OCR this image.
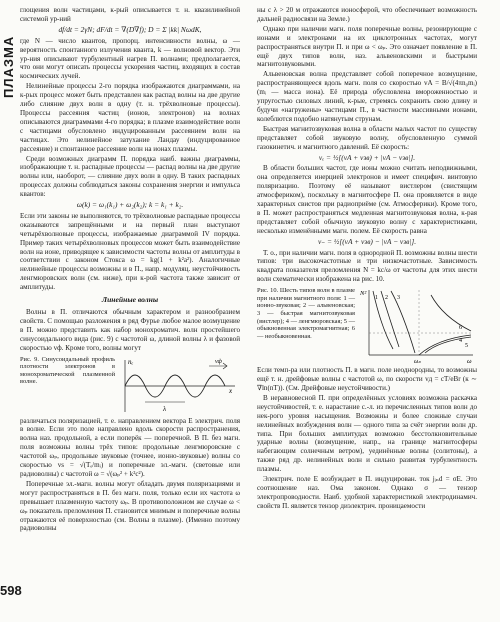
ПЛАЗМА
598

глощения волн частицами, к-рый описывается т. н. квазилинейной системой ур-ний

df/dt = 2γN; dF/dt = ∇(D∇f); D = Σ |kk| NωdK,

где N — число квантов, пропорц. интенсивности волны, ω — вероятность спонтанного излучения кванта, k — волновой вектор. Эти ур-ния описывают турбулентный нагрев П. волнами; предполагается, что они могут описать процессы ускорения частиц, входящих в состав космических лучей.

Нелинейные процессы 2-го порядка изображаются диаграммами, на к-рых процесс может быть представлен как распад волны на две другие либо слияние двух волн в одну (т. н. трёхволновые процессы). Процессы рассеяния частиц (ионов, электронов) на волнах описываются диаграммами 4-го порядка; в плазме взаимодействие волн с частицами обусловлено индуцированным рассеянием волн на частицах. Это нелинейное затухание Ландау (индуцированное рассеяние) и спонтанное рассеяние волн на ионах плазмы.

Среди возможных диаграмм П. порядка наиб. важны диаграммы, изображающие т. н. распадные процессы — распад волны на две другие волны или, наоборот, — слияние двух волн в одну. В таких распадных процессах должны соблюдаться законы сохранения энергии и импульса квантов:

ω(k) = ω₁(k₁) + ω₂(k₂); k = k₁ + k₂.

Если эти законы не выполняются, то трёхволновые распадные процессы оказываются запрещёнными и на первый план выступают четырёхволновые процессы, изображаемые диаграммой IV порядка. Пример таких четырёхволновых процессов может быть взаимодействие волн на ионе, приводящее к зависимости частоты волны от амплитуды в соответствии с законом Стокса ω = kg(1 + k²a²). Аналогичные нелинейные процессы возможны и в П., напр. модуляц. неустойчивость ленгмюровских волн (см. ниже), при к-рой частота также зависит от амплитуды.

Линейные волны

Волны в П. отличаются обычным характером и разнообразием свойств. С помощью разложения в ряд Фурье любое малое возмущение в П. можно представить как набор монохроматич. волн простейшего синусоидального вида (рис. 9) с частотой ω, длиной волны λ и фазовой скоростью vф. Кроме того, волны могут

Рис. 9. Синусоидальный профиль плотности электронов в монохроматической плазменной волне.
x
nₑ
λ
vф

различаться поляризацией, т. е. направлением вектора E электрич. поля в волне. Если это поле направлено вдоль скорости распространения, волна наз. продольной, а если поперёк — поперечной. В П. без магн. поля возможны волны трёх типов: продольные ленгмюровские с частотой ωₚ, продольные звуковые (точнее, ионно-звуковые) волны со скоростью vs = √(Tₑ/mᵢ) и поперечные эл.-магн. (световые или радиоволны) с частотой ω = √(ωₚ² + k²c²).

Поперечные эл.-магн. волны могут обладать двумя поляризациями и могут распространяться в П. без магн. поля, только если их частота ω превышает плазменную частоту ωₚ. В противоположном же случае ω < ωₚ показатель преломления П. становится мнимым и поперечные волны отражаются её поверхностью (см. Волны в плазме). (Именно поэтому радиоволны

ны с λ > 20 м отражаются ионосферой, что обеспечивает возможность дальней радиосвязи на Земле.)

Однако при наличии магн. поля поперечные волны, резонирующие с ионами и электронами на их циклотронных частотах, могут распространяться внутри П. и при ω < ωₚ. Это означает появление в П. ещё двух типов волн, наз. альвеновскими и быстрыми магнитозвуковыми.

Альвеновская волна представляет собой поперечное возмущение, распространяющееся вдоль магн. поля со скоростью vA = B/√(4πn₀mᵢ) (mᵢ — масса иона). Её природа обусловлена вмороженностью и упругостью силовых линий, к-рые, стремясь сохранить свою длину и будучи «нагружены» частицами П., в частности массивными ионами, колеблются подобно натянутым струнам.

Быстрая магнитозвуковая волна в области малых частот по существу представляет собой звуковую волну, обусловленную суммой газокинетич. и магнитного давлений. Её скорость:

vₑ = ½[(vA + vзв) + |vA − vзв|].

В области больших частот, где ионы можно считать неподвижными, она определяется инерцией электронов и имеет специфич. винтовую поляризацию. Поэтому её называют вистлером (свистящим атмосфериком), поскольку в магнитосфере П. она проявляется в виде характерных свистов при радиоприёме (см. Атмосферики). Кроме того, в П. может распространяться медленная магнитозвуковая волна, к-рая представляет собой обычную звуковую волну с характеристиками, несколько изменёнными магн. полем. Её скорость равна

v₋ = ½[(vA + vзв) − |vA − vзв|].

Т. о., при наличии магн. поля в однородной П. возможны волны шести типов: три высокочастотные и три низкочастотные. Зависимость квадрата показателя преломления N = kc/ω от частоты для этих шести волн схематически изображена на рис. 10.

Рис. 10. Шесть типов волн в плазме при наличии магнитного поля: 1 — ионно-звуковая; 2 — альвеновская; 3 — быстрая магнитозвуковая (вистлер); 4 — ленгмюровская; 5 — обыкновенная электромагнитная; 6 — необыкновенная.
N²
ω
ωₚ
1 2 3
6
4
5

Если темп-ра или плотность П. в магн. поле неоднородны, то возможны ещё т. н. дрейфовые волны с частотой ω, по скорости vд = cT/eBr (к ∼ ∇ln(nT)). (См. Дрейфовые неустойчивости.)

В неравновесной П. при определённых условиях возможна раскачка неустойчивостей, т. е. нарастание с.-л. из перечисленных типов волн до нек-рого уровня насыщения. Возможны и более сложные случаи нелинейных возбуждения волн — одного типа за счёт энергии волн др. типа. При больших амплитудах возможно бесстолкновительные ударные волны (возмущение, напр., на границе магнитосферы набегающим солнечным ветром), уединённые волны (солитоны), а также ряд др. нелинейных волн и сильно развитая турбулентность плазмы.

Электрич. поле E возбуждает в П. индуцирован. ток jᵢₙd = σE. Это соотношение наз. Ома законом. Однако σ — тензор электропроводности. Наиб. удобной характеристикой электродинамич. свойств П. является тензор диэлектрич. проницаемости
